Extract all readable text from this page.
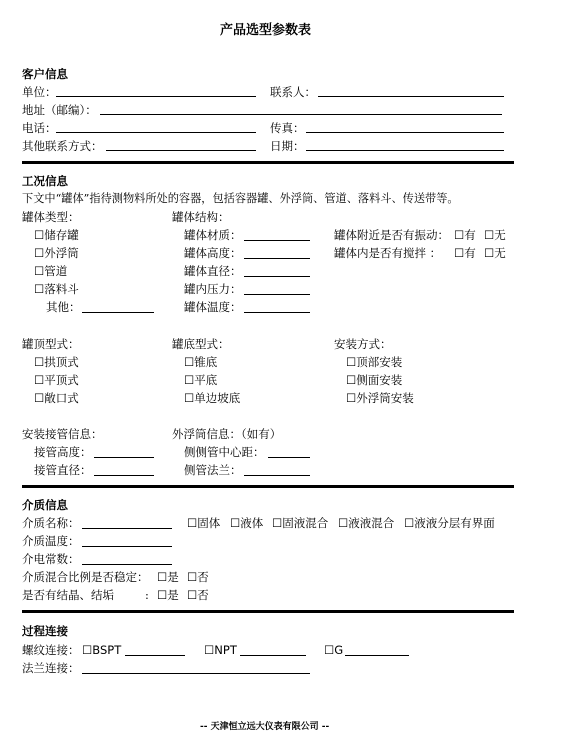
产品选型参数表
客户信息
单位：	联系人：
地址（邮编）：
电话：	传真：
其他联系方式：	日期：
工况信息
下文中“罐体”指待测物料所处的容器，包括容器罐、外浮筒、管道、落料斗、传送带等。
罐体类型：
☐储存罐
☐外浮筒
☐管道
☐落料斗
其他：
罐体结构：
罐体材质：
罐体高度：
罐体直径：
罐内压力：
罐体温度：
罐体附近是否有振动： ☐有 ☐无
罐体内是否有搅拌 ： ☐有 ☐无
罐顶型式：
☐拱顶式
☐平顶式
☐敞口式
罐底型式：
☐锥底
☐平底
☐单边坡底
安装方式：
☐顶部安装
☐侧面安装
☐外浮筒安装
安装接管信息：
接管高度：
接管直径：
外浮筒信息：（如有）
侧侧管中心距：
侧管法兰：
介质信息
介质名称：	☐固体 ☐液体 ☐固液混合 ☐液液混合 ☐液液分层有界面
介质温度：
介电常数：
介质混合比例是否稳定： ☐是 ☐否
是否有结晶、结垢	: ☐是 ☐否
过程连接
螺纹连接： ☐BSPT	☐NPT	☐G
法兰连接：
-- 天津恒立远大仪表有限公司 --
